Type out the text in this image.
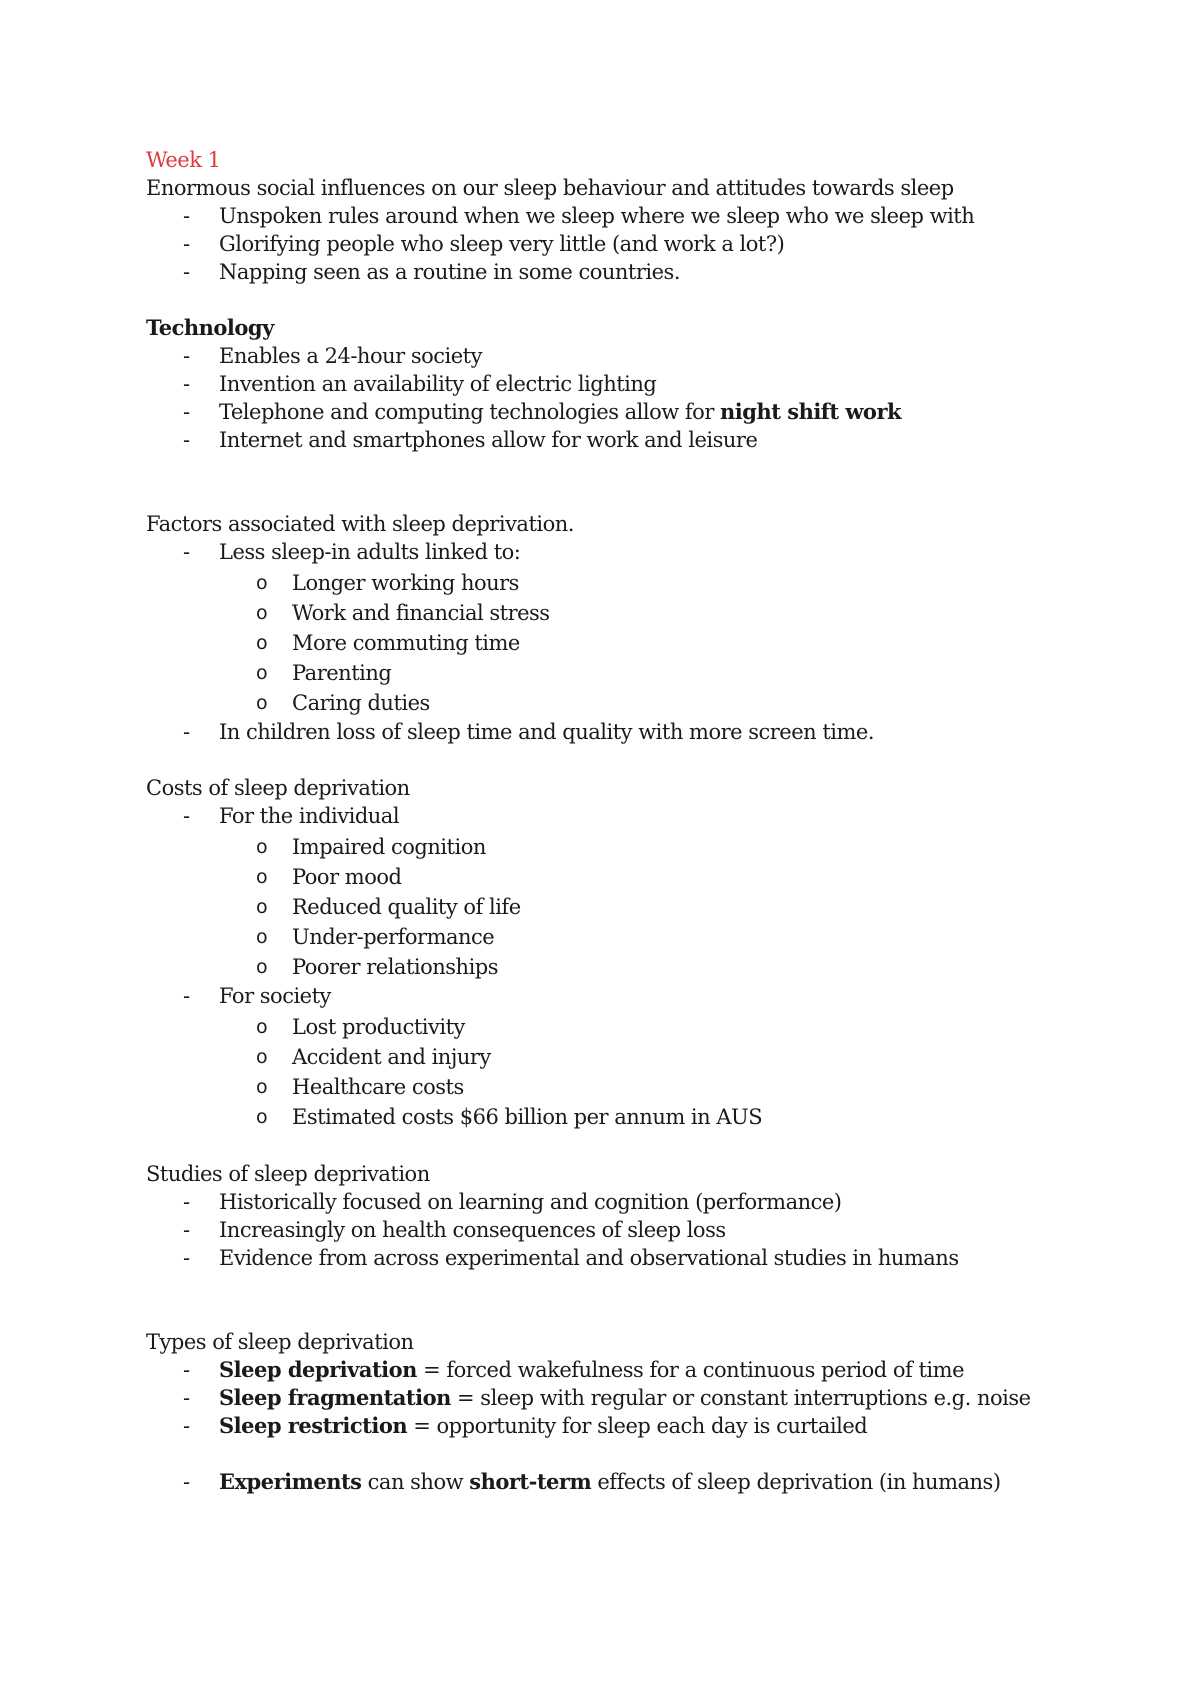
Week 1

Enormous social influences on our sleep behaviour and attitudes towards sleep

- Unspoken rules around when we sleep where we sleep who we sleep with
- Glorifying people who sleep very little (and work a lot?)
- Napping seen as a routine in some countries.

Technology

- Enables a 24-hour society
- Invention an availability of electric lighting
- Telephone and computing technologies allow for night shift work
- Internet and smartphones allow for work and leisure

Factors associated with sleep deprivation.

- Less sleep-in adults linked to:
o Longer working hours
o Work and financial stress
o More commuting time
o Parenting
o Caring duties
- In children loss of sleep time and quality with more screen time.

Costs of sleep deprivation

- For the individual
o Impaired cognition
o Poor mood
o Reduced quality of life
o Under-performance
o Poorer relationships
- For society
o Lost productivity
o Accident and injury
o Healthcare costs
o Estimated costs $66 billion per annum in AUS

Studies of sleep deprivation

- Historically focused on learning and cognition (performance)
- Increasingly on health consequences of sleep loss
- Evidence from across experimental and observational studies in humans

Types of sleep deprivation

- Sleep deprivation = forced wakefulness for a continuous period of time
- Sleep fragmentation = sleep with regular or constant interruptions e.g. noise
- Sleep restriction = opportunity for sleep each day is curtailed
- Experiments can show short-term effects of sleep deprivation (in humans)
